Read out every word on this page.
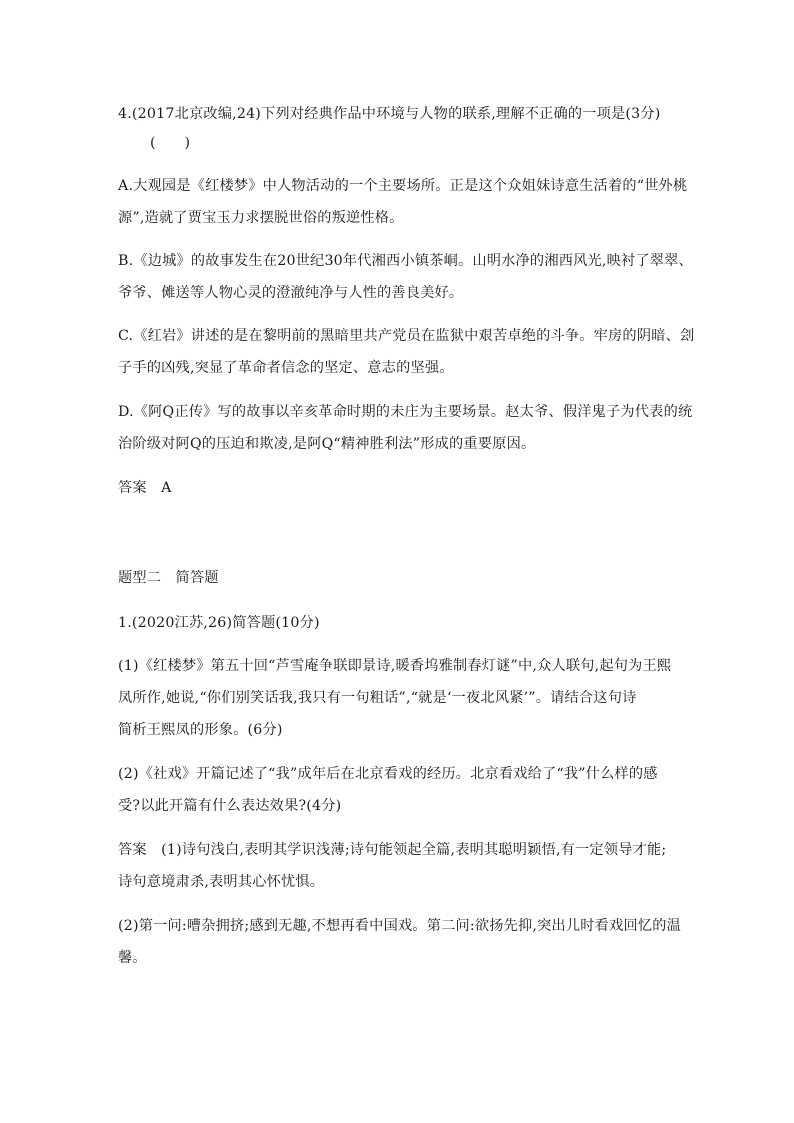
4.(2017北京改编,24)下列对经典作品中环境与人物的联系,理解不正确的一项是(3分)
(　　)
A.大观园是《红楼梦》中人物活动的一个主要场所。正是这个众姐妹诗意生活着的“世外桃
源”,造就了贾宝玉力求摆脱世俗的叛逆性格。
B.《边城》的故事发生在20世纪30年代湘西小镇茶峒。山明水净的湘西风光,映衬了翠翠、
爷爷、傩送等人物心灵的澄澈纯净与人性的善良美好。
C.《红岩》讲述的是在黎明前的黑暗里共产党员在监狱中艰苦卓绝的斗争。牢房的阴暗、刽
子手的凶残,突显了革命者信念的坚定、意志的坚强。
D.《阿Q正传》写的故事以辛亥革命时期的未庄为主要场景。赵太爷、假洋鬼子为代表的统
治阶级对阿Q的压迫和欺凌,是阿Q“精神胜利法”形成的重要原因。
答案　A
题型二　简答题
1.(2020江苏,26)简答题(10分)
(1)《红楼梦》第五十回“芦雪庵争联即景诗,暖香坞雅制春灯谜”中,众人联句,起句为王熙
凤所作,她说,“你们别笑话我,我只有一句粗话”,“就是‘一夜北风紧’”。请结合这句诗
简析王熙凤的形象。(6分)
(2)《社戏》开篇记述了“我”成年后在北京看戏的经历。北京看戏给了“我”什么样的感
受?以此开篇有什么表达效果?(4分)
答案　(1)诗句浅白,表明其学识浅薄;诗句能领起全篇,表明其聪明颖悟,有一定领导才能;
诗句意境肃杀,表明其心怀忧惧。
(2)第一问:嘈杂拥挤;感到无趣,不想再看中国戏。第二问:欲扬先抑,突出儿时看戏回忆的温
馨。
